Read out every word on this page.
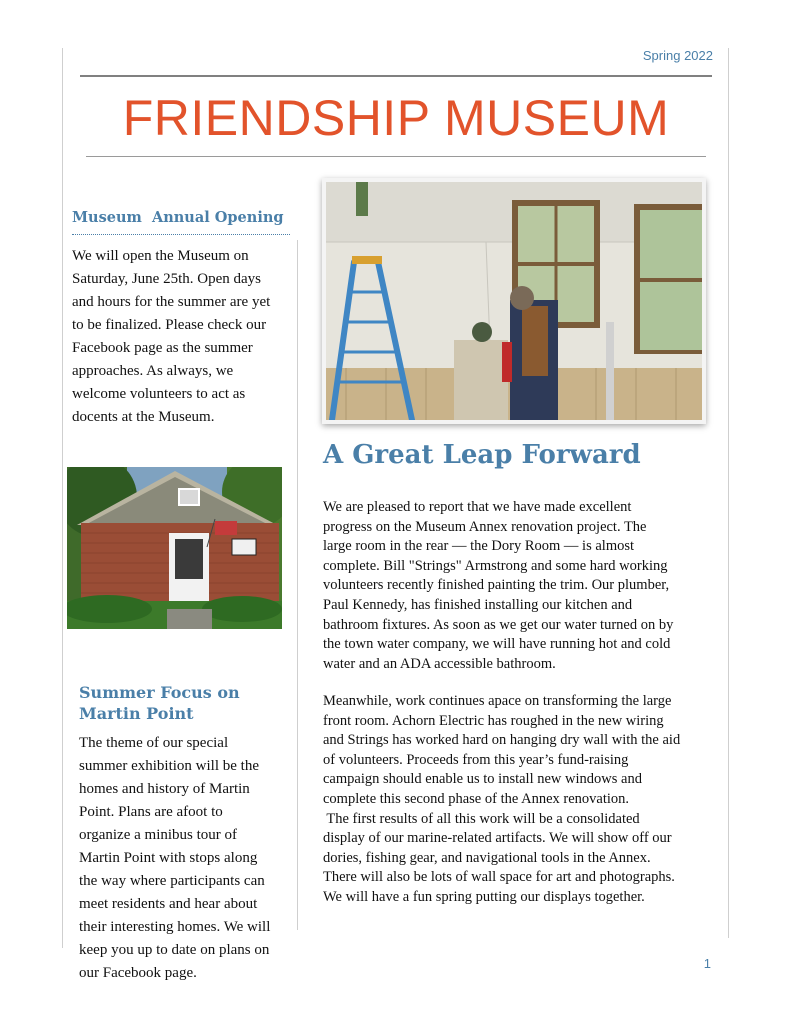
Spring 2022
FRIENDSHIP MUSEUM
Museum  Annual Opening
We will open the Museum on
Saturday, June 25th. Open days
and hours for the summer are yet
to be finalized. Please check our
Facebook page as the summer
approaches. As always, we
welcome volunteers to act as
docents at the Museum.
Summer Focus on
Martin Point
The theme of our special
summer exhibition will be the
homes and history of Martin
Point. Plans are afoot to
organize a minibus tour of
Martin Point with stops along
the way where participants can
meet residents and hear about
their interesting homes. We will
keep you up to date on plans on
our Facebook page.
A Great Leap Forward
We are pleased to report that we have made excellent
progress on the Museum Annex renovation project. The
large room in the rear — the Dory Room — is almost
complete. Bill "Strings" Armstrong and some hard working
volunteers recently finished painting the trim. Our plumber,
Paul Kennedy, has finished installing our kitchen and
bathroom fixtures. As soon as we get our water turned on by
the town water company, we will have running hot and cold
water and an ADA accessible bathroom.
Meanwhile, work continues apace on transforming the large
front room. Achorn Electric has roughed in the new wiring
and Strings has worked hard on hanging dry wall with the aid
of volunteers. Proceeds from this year’s fund-raising
campaign should enable us to install new windows and
complete this second phase of the Annex renovation.
The first results of all this work will be a consolidated
display of our marine-related artifacts. We will show off our
dories, fishing gear, and navigational tools in the Annex.
There will also be lots of wall space for art and photographs.
We will have a fun spring putting our displays together.
1
